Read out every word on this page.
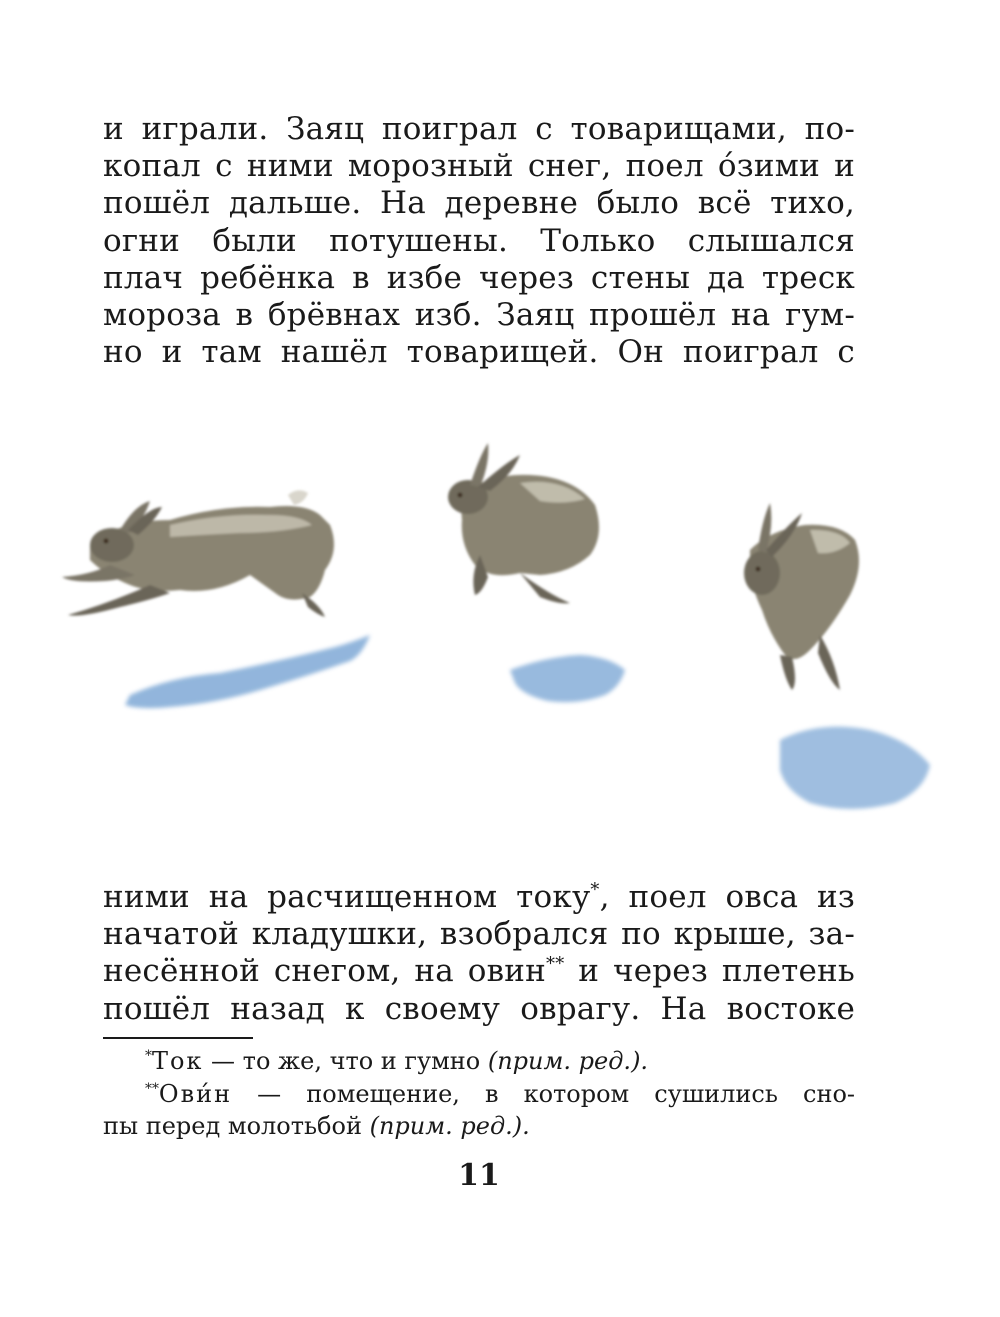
и играли. Заяц поиграл с товарищами, по-
копал с ними морозный снег, поел о́зими и
пошёл дальше. На деревне было всё тихо,
огни были потушены. Только слышался
плач ребёнка в избе через стены да треск
мороза в брёвнах изб. Заяц прошёл на гум-
но и там нашёл товарищей. Он поиграл с
ними на расчищенном току*, поел овса из
начатой кладушки, взобрался по крыше, за-
несённой снегом, на овин** и через плетень
пошёл назад к своему оврагу. На востоке
*Ток — то же, что и гумно (прим. ред.).
**Ови́н — помещение, в котором сушились сно-
пы перед молотьбой (прим. ред.).
11
